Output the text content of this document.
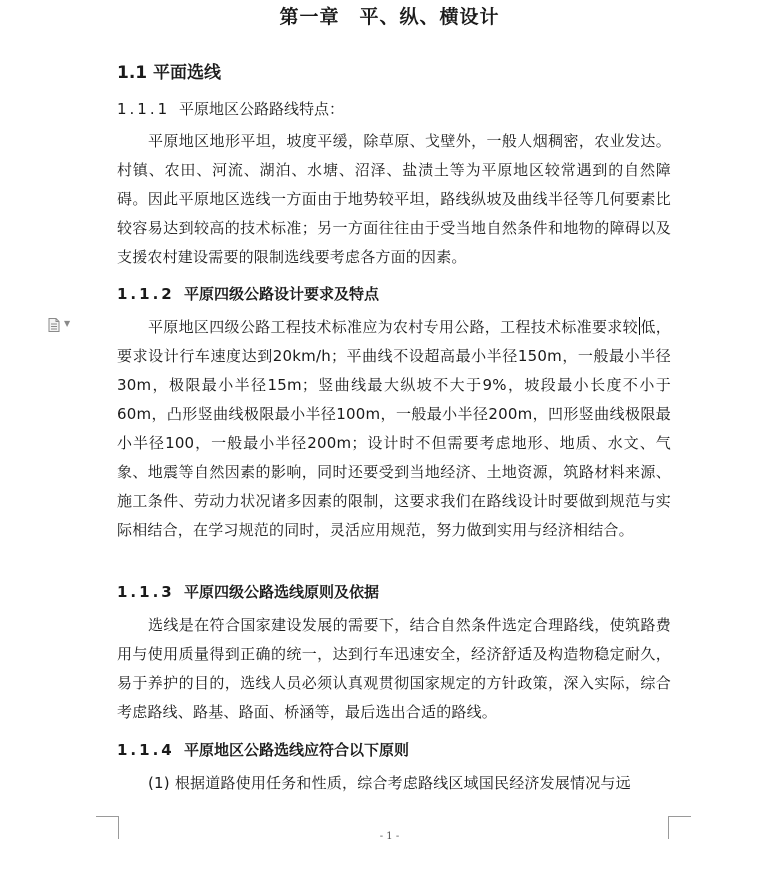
第一章　平、纵、横设计
1.1 平面选线
1.1.1 平原地区公路路线特点：

平原地区地形平坦，坡度平缓，除草原、戈壁外，一般人烟稠密，农业发达。村镇、农田、河流、湖泊、水塘、沼泽、盐渍土等为平原地区较常遇到的自然障碍。因此平原地区选线一方面由于地势较平坦，路线纵坡及曲线半径等几何要素比较容易达到较高的技术标准；另一方面往往由于受当地自然条件和地物的障碍以及支援农村建设需要的限制选线要考虑各方面的因素。

1.1.2 平原四级公路设计要求及特点

平原地区四级公路工程技术标准应为农村专用公路，工程技术标准要求较 低，要求设计行车速度达到20km/h；平曲线不设超高最小半径150m，一般最小半径30m，极限最小半径15m；竖曲线最大纵坡不大于9%，坡段最小长度不小于60m，凸形竖曲线极限最小半径100m，一般最小半径200m，凹形竖曲线极限最小半径100，一般最小半径200m；设计时不但需要考虑地形、地质、水文、气象、地震等自然因素的影响，同时还要受到当地经济、土地资源，筑路材料来源、施工条件、劳动力状况诸多因素的限制，这要求我们在路线设计时要做到规范与实际相结合，在学习规范的同时，灵活应用规范，努力做到实用与经济相结合。

1.1.3 平原四级公路选线原则及依据

选线是在符合国家建设发展的需要下，结合自然条件选定合理路线，使筑路费用与使用质量得到正确的统一，达到行车迅速安全，经济舒适及构造物稳定耐久，易于养护的目的，选线人员必须认真观贯彻国家规定的方针政策，深入实际，综合考虑路线、路基、路面、桥涵等，最后选出合适的路线。

1.1.4 平原地区公路选线应符合以下原则

(1) 根据道路使用任务和性质，综合考虑路线区域国民经济发展情况与远

▼
- 1 -
